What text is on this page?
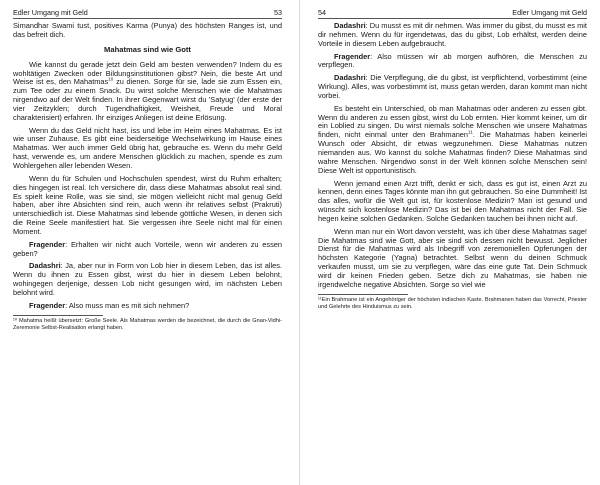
Edler Umgang mit Geld	53

Simandhar Swami tust, positives Karma (Punya) des höchsten Ranges ist, und das befreit dich.

Mahatmas sind wie Gott

Wie kannst du gerade jetzt dein Geld am besten verwenden? Indem du es wohltätigen Zwecken oder Bildungsinstitutionen gibst? Nein, die beste Art und Weise ist es, den Mahatmas$^{10}$ zu dienen. Sorge für sie, lade sie zum Essen ein, zum Tee oder zu einem Snack. Du wirst solche Menschen wie die Mahatmas nirgendwo auf der Welt finden. In ihrer Gegenwart wirst du 'Satyug' (der erste der vier Zeitzyklen; durch Tugendhaftigkeit, Weisheit, Freude und Moral charakterisiert) erfahren. Ihr einziges Anliegen ist deine Erlösung.

Wenn du das Geld nicht hast, iss und lebe im Heim eines Mahatmas. Es ist wie unser Zuhause. Es gibt eine beiderseitige Wechselwirkung im Hause eines Mahatmas. Wer auch immer Geld übrig hat, gebrauche es. Wenn du mehr Geld hast, verwende es, um andere Menschen glücklich zu machen, spende es zum Wohlergehen aller lebenden Wesen.

Wenn du für Schulen und Hochschulen spendest, wirst du Ruhm erhalten; dies hingegen ist real. Ich versichere dir, dass diese Mahatmas absolut real sind. Es spielt keine Rolle, was sie sind, sie mögen vielleicht nicht mal genug Geld haben, aber ihre Absichten sind rein, auch wenn ihr relatives selbst (Prakruti) unterschiedlich ist. Diese Mahatmas sind lebende göttliche Wesen, in denen sich die Reine Seele manifestiert hat. Sie vergessen ihre Seele nicht mal für einen Moment.

Fragender: Erhalten wir nicht auch Vorteile, wenn wir anderen zu essen geben?

Dadashri: Ja, aber nur in Form von Lob hier in diesem Leben, das ist alles. Wenn du ihnen zu Essen gibst, wirst du hier in diesem Leben belohnt, wohingegen derjenige, dessen Lob nicht gesungen wird, im nächsten Leben belohnt wird.

Fragender: Also muss man es mit sich nehmen?

¹⁰ Mahatma heißt übersetzt: Große Seele. Als Mahatmas werden die bezeichnet, die durch die Gnan-Vidhi-Zeremonie Selbst-Realisation erlangt haben.

54	Edler Umgang mit Geld

Dadashri: Du musst es mit dir nehmen. Was immer du gibst, du musst es mit dir nehmen. Wenn du für irgendetwas, das du gibst, Lob erhältst, werden deine Vorteile in diesem Leben aufgebraucht.

Fragender: Also müssen wir ab morgen aufhören, die Menschen zu verpflegen.

Dadashri: Die Verpflegung, die du gibst, ist verpflichtend, vorbestimmt (eine Wirkung). Alles, was vorbestimmt ist, muss getan werden, daran kommt man nicht vorbei.

Es besteht ein Unterschied, ob man Mahatmas oder anderen zu essen gibt. Wenn du anderen zu essen gibst, wirst du Lob ernten. Hier kommt keiner, um dir ein Loblied zu singen. Du wirst niemals solche Menschen wie unsere Mahatmas finden, nicht einmal unter den Brahmanen$^{11}$. Die Mahatmas haben keinerlei Wunsch oder Absicht, dir etwas wegzunehmen. Diese Mahatmas nutzen niemanden aus. Wo kannst du solche Mahatmas finden? Diese Mahatmas sind wahre Menschen. Nirgendwo sonst in der Welt können solche Menschen sein! Diese Welt ist opportunistisch.

Wenn jemand einen Arzt trifft, denkt er sich, dass es gut ist, einen Arzt zu kennen, denn eines Tages könnte man ihn gut gebrauchen. So eine Dummheit! Ist das alles, wofür die Welt gut ist, für kostenlose Medizin? Man ist gesund und wünscht sich kostenlose Medizin? Das ist bei den Mahatmas nicht der Fall. Sie hegen keine solchen Gedanken. Solche Gedanken tauchen bei ihnen nicht auf.

Wenn man nur ein Wort davon versteht, was ich über diese Mahatmas sage! Die Mahatmas sind wie Gott, aber sie sind sich dessen nicht bewusst. Jeglicher Dienst für die Mahatmas wird als Inbegriff von zeremoniellen Opferungen der höchsten Kategorie (Yagna) betrachtet. Selbst wenn du deinen Schmuck verkaufen musst, um sie zu verpflegen, wäre das eine gute Tat. Dein Schmuck wird dir keinen Frieden geben. Setze dich zu Mahatmas, sie haben nie irgendwelche negative Absichten. Sorge so viel wie

¹¹Ein Brahmane ist ein Angehöriger der höchsten indischen Kaste. Brahmanen haben das Vorrecht, Priester und Gelehrte des Hinduismus zu sein.
